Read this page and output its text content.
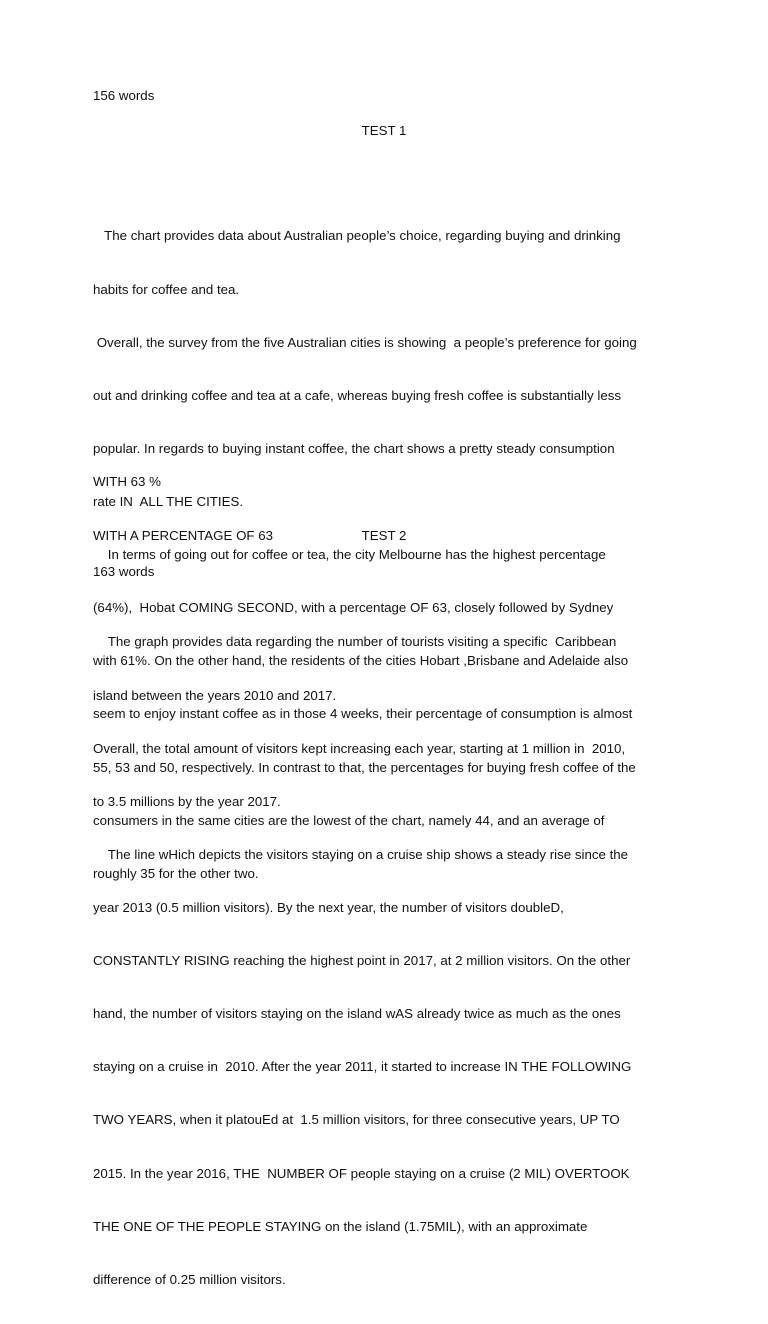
156 words
TEST 1

The chart provides data about Australian people’s choice, regarding buying and drinking

habits for coffee and tea.

Overall, the survey from the five Australian cities is showing  a people’s preference for going

out and drinking coffee and tea at a cafe, whereas buying fresh coffee is substantially less

popular. In regards to buying instant coffee, the chart shows a pretty steady consumption

rate IN  ALL THE CITIES.

In terms of going out for coffee or tea, the city Melbourne has the highest percentage

(64%),  Hobat COMING SECOND, with a percentage OF 63, closely followed by Sydney

with 61%. On the other hand, the residents of the cities Hobart ,Brisbane and Adelaide also

seem to enjoy instant coffee as in those 4 weeks, their percentage of consumption is almost

55, 53 and 50, respectively. In contrast to that, the percentages for buying fresh coffee of the

consumers in the same cities are the lowest of the chart, namely 44, and an average of

roughly 35 for the other two.

WITH 63 %

WITH A PERCENTAGE OF 63

	TEST 2
163 words

The graph provides data regarding the number of tourists visiting a specific  Caribbean

island between the years 2010 and 2017.

Overall, the total amount of visitors kept increasing each year, starting at 1 million in  2010,

to 3.5 millions by the year 2017.

The line wHich depicts the visitors staying on a cruise ship shows a steady rise since the

year 2013 (0.5 million visitors). By the next year, the number of visitors doubleD,

CONSTANTLY RISING reaching the highest point in 2017, at 2 million visitors. On the other

hand, the number of visitors staying on the island wAS already twice as much as the ones

staying on a cruise in  2010. After the year 2011, it started to increase IN THE FOLLOWING

TWO YEARS, when it platouEd at  1.5 million visitors, for three consecutive years, UP TO

2015. In the year 2016, THE  NUMBER OF people staying on a cruise (2 MIL) OVERTOOK

THE ONE OF THE PEOPLE STAYING on the island (1.75MIL), with an approximate

difference of 0.25 million visitors.
